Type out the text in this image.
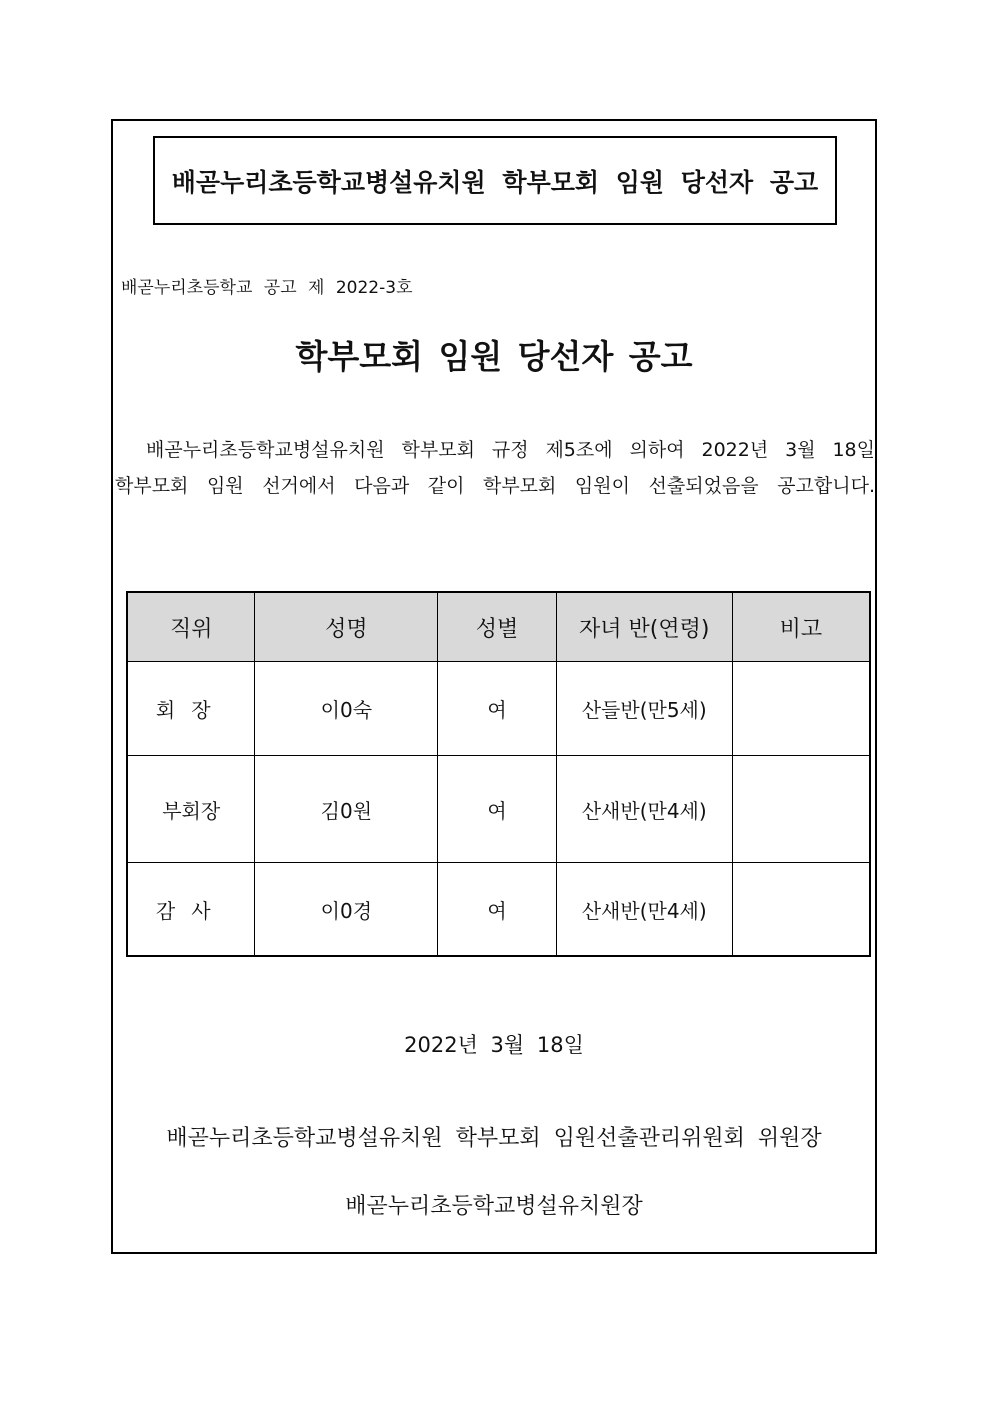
배곧누리초등학교병설유치원 학부모회 임원 당선자 공고
배곧누리초등학교 공고 제 2022-3호
학부모회 임원 당선자 공고
배곧누리초등학교병설유치원 학부모회 규정 제5조에 의하여 2022년 3월 18일
학부모회 임원 선거에서 다음과 같이 학부모회 임원이 선출되었음을 공고합니다.
직위	성명	성별	자녀 반(연령)	비고
회장	이0숙	여	산들반(만5세)	
부회장	김0원	여	산새반(만4세)	
감사	이0경	여	산새반(만4세)	
2022년 3월 18일
배곧누리초등학교병설유치원 학부모회 임원선출관리위원회 위원장
배곧누리초등학교병설유치원장
